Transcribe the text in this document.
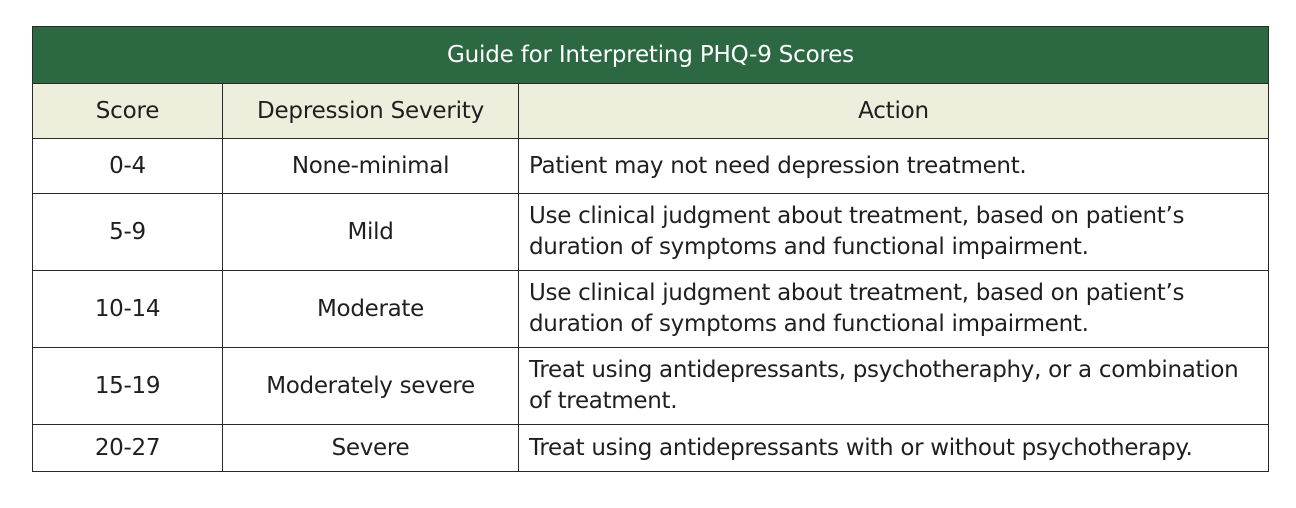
Guide for Interpreting PHQ-9 Scores		
Score	Depression Severity	Action
0-4	None-minimal	Patient may not need depression treatment.
5-9	Mild	Use clinical judgment about treatment, based on patient’s duration of symptoms and functional impairment.
10-14	Moderate	Use clinical judgment about treatment, based on patient’s duration of symptoms and functional impairment.
15-19	Moderately severe	Treat using antidepressants, psychotheraphy, or a combination of treatment.
20-27	Severe	Treat using antidepressants with or without psychotherapy.
